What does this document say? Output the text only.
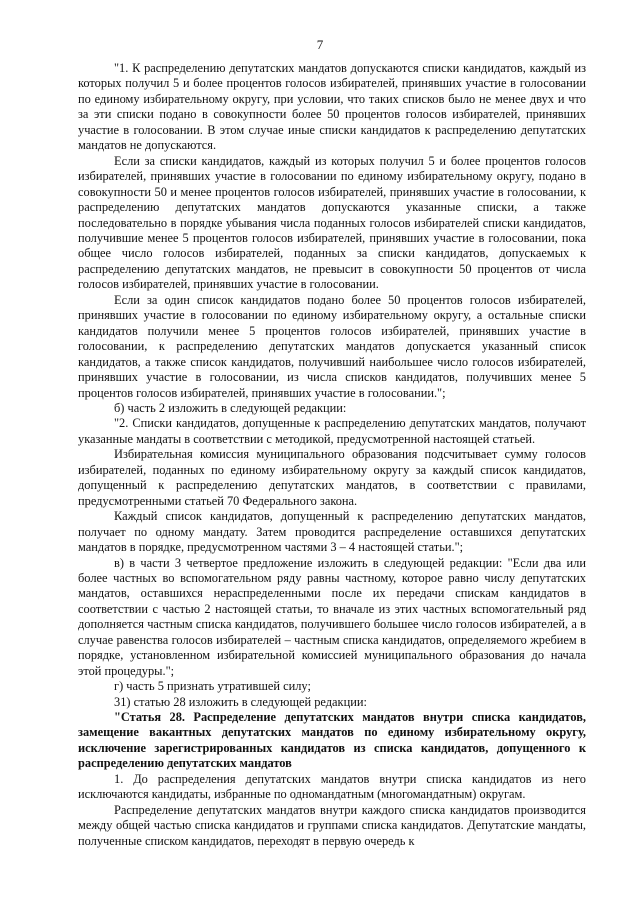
7

"1. К распределению депутатских мандатов допускаются списки кандидатов, каждый из которых получил 5 и более процентов голосов избирателей, принявших участие в голосовании по единому избирательному округу, при условии, что таких списков было не менее двух и что за эти списки подано в совокупности более 50 процентов голосов избирателей, принявших участие в голосовании. В этом случае иные списки кандидатов к распределению депутатских мандатов не допускаются.

Если за списки кандидатов, каждый из которых получил 5 и более процентов голосов избирателей, принявших участие в голосовании по единому избирательному округу, подано в совокупности 50 и менее процентов голосов избирателей, принявших участие в голосовании, к распределению депутатских мандатов допускаются указанные списки, а также последовательно в порядке убывания числа поданных голосов избирателей списки кандидатов, получившие менее 5 процентов голосов избирателей, принявших участие в голосовании, пока общее число голосов избирателей, поданных за списки кандидатов, допускаемых к распределению депутатских мандатов, не превысит в совокупности 50 процентов от числа голосов избирателей, принявших участие в голосовании.

Если за один список кандидатов подано более 50 процентов голосов избирателей, принявших участие в голосовании по единому избирательному округу, а остальные списки кандидатов получили менее 5 процентов голосов избирателей, принявших участие в голосовании, к распределению депутатских мандатов допускается указанный список кандидатов, а также список кандидатов, получивший наибольшее число голосов избирателей, принявших участие в голосовании, из числа списков кандидатов, получивших менее 5 процентов голосов избирателей, принявших участие в голосовании.";

б) часть 2 изложить в следующей редакции:

"2. Списки кандидатов, допущенные к распределению депутатских мандатов, получают указанные мандаты в соответствии с методикой, предусмотренной настоящей статьей.

Избирательная комиссия муниципального образования подсчитывает сумму голосов избирателей, поданных по единому избирательному округу за каждый список кандидатов, допущенный к распределению депутатских мандатов, в соответствии с правилами, предусмотренными статьей 70 Федерального закона.

Каждый список кандидатов, допущенный к распределению депутатских мандатов, получает по одному мандату. Затем проводится распределение оставшихся депутатских мандатов в порядке, предусмотренном частями 3 – 4 настоящей статьи.";

в) в части 3 четвертое предложение изложить в следующей редакции: "Если два или более частных во вспомогательном ряду равны частному, которое равно числу депутатских мандатов, оставшихся нераспределенными после их передачи спискам кандидатов в соответствии с частью 2 настоящей статьи, то вначале из этих частных вспомогательный ряд дополняется частным списка кандидатов, получившего большее число голосов избирателей, а в случае равенства голосов избирателей – частным списка кандидатов, определяемого жребием в порядке, установленном избирательной комиссией муниципального образования до начала этой процедуры.";

г) часть 5 признать утратившей силу;

31) статью 28 изложить в следующей редакции:

"Статья 28. Распределение депутатских мандатов внутри списка кандидатов, замещение вакантных депутатских мандатов по единому избирательному округу, исключение зарегистрированных кандидатов из списка кандидатов, допущенного к распределению депутатских мандатов

1. До распределения депутатских мандатов внутри списка кандидатов из него исключаются кандидаты, избранные по одномандатным (многомандатным) округам.

Распределение депутатских мандатов внутри каждого списка кандидатов производится между общей частью списка кандидатов и группами списка кандидатов. Депутатские мандаты, полученные списком кандидатов, переходят в первую очередь к
